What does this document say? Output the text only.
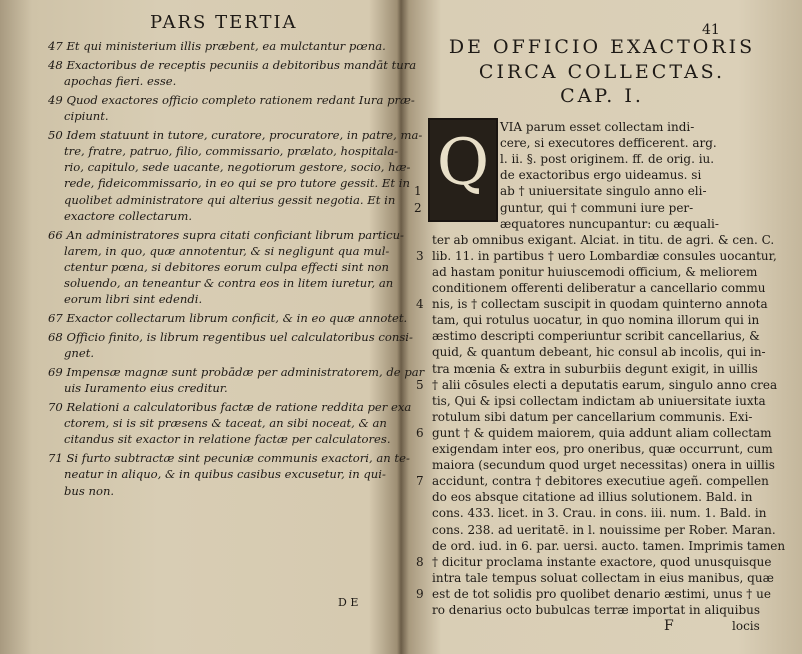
PARS TERTIA
47 Et qui ministerium illis præbent, ea mulctantur pœna.
48 Exactoribus de receptis pecuniis a debitoribus mandāt tura
apochas fieri. esse.
49 Quod exactores officio completo rationem redant Iura præ-
cipiunt.
50 Idem statuunt in tutore, curatore, procuratore, in patre, ma-
tre, fratre, patruo, filio, commissario, prælato, hospitala-
rio, capitulo, sede uacante, negotiorum gestore, socio, hæ-
rede, fideicommissario, in eo qui se pro tutore gessit. Et in
quolibet administratore qui alterius gessit negotia. Et in
exactore collectarum.
66 An administratores supra citati conficiant librum particu-
larem, in quo, quæ annotentur, & si negligunt qua mul-
ctentur pœna, si debitores eorum culpa effecti sint non
soluendo, an teneantur & contra eos in litem iuretur, an
eorum libri sint edendi.
67 Exactor collectarum librum conficit, & in eo quæ annotet.
68 Officio finito, is librum regentibus uel calculatoribus consi-
gnet.
69 Impensæ magnæ sunt probādæ per administratorem, de par
uis Iuramento eius creditur.
70 Relationi a calculatoribus factæ de ratione reddita per exa
ctorem, si is sit præsens & taceat, an sibi noceat, & an
citandus sit exactor in relatione factæ per calculatores.
71 Si furto subtractæ sint pecuniæ communis exactori, an te-
neatur in aliquo, & in quibus casibus excusetur, in qui-
bus non.
D E
41
DE OFFICIO EXACTORIS
CIRCA COLLECTAS.
CAP. I.
Q VIA parum esset collectam indi-
cere, si executores defficerent. arg.
l. ii. §. post originem. ff. de orig. iu.
de exactoribus ergo uideamus. si
ab † uniuersitate singulo anno eli-
1
guntur, qui † communi iure per-
2
æquatores nuncupantur: cu æquali-
ter ab omnibus exigant. Alciat. in titu. de agri. & cen. C.
lib. 11. in partibus † uero Lombardiæ consules uocantur,
3
ad hastam ponitur huiuscemodi officium, & meliorem
conditionem offerenti deliberatur a cancellario commu
nis, is † collectam suscipit in quodam quinterno annota
4
tam, qui rotulus uocatur, in quo nomina illorum qui in
æstimo descripti comperiuntur scribit cancellarius, &
quid, & quantum debeant, hic consul ab incolis, qui in-
tra mœnia & extra in suburbiis degunt exigit, in uillis
† alii cōsules electi a deputatis earum, singulo anno crea
5
tis, Qui & ipsi collectam indictam ab uniuersitate iuxta
rotulum sibi datum per cancellarium communis. Exi-
gunt † & quidem maiorem, quia addunt aliam collectam
6
exigendam inter eos, pro oneribus, quæ occurrunt, cum
maiora (secundum quod urget necessitas) onera in uillis
accidunt, contra † debitores executiue ageñ. compellen
7
do eos absque citatione ad illius solutionem. Bald. in
cons. 433. licet. in 3. Crau. in cons. iii. num. 1. Bald. in
cons. 238. ad ueritatē. in l. nouissime per Rober. Maran.
de ord. iud. in 6. par. uersi. aucto. tamen. Imprimis tamen
† dicitur proclama instante exactore, quod unusquisque
8
intra tale tempus soluat collectam in eius manibus, quæ
est de tot solidis pro quolibet denario æstimi, unus † ue
9
ro denarius octo bubulcas terræ importat in aliquibus
locis
F
